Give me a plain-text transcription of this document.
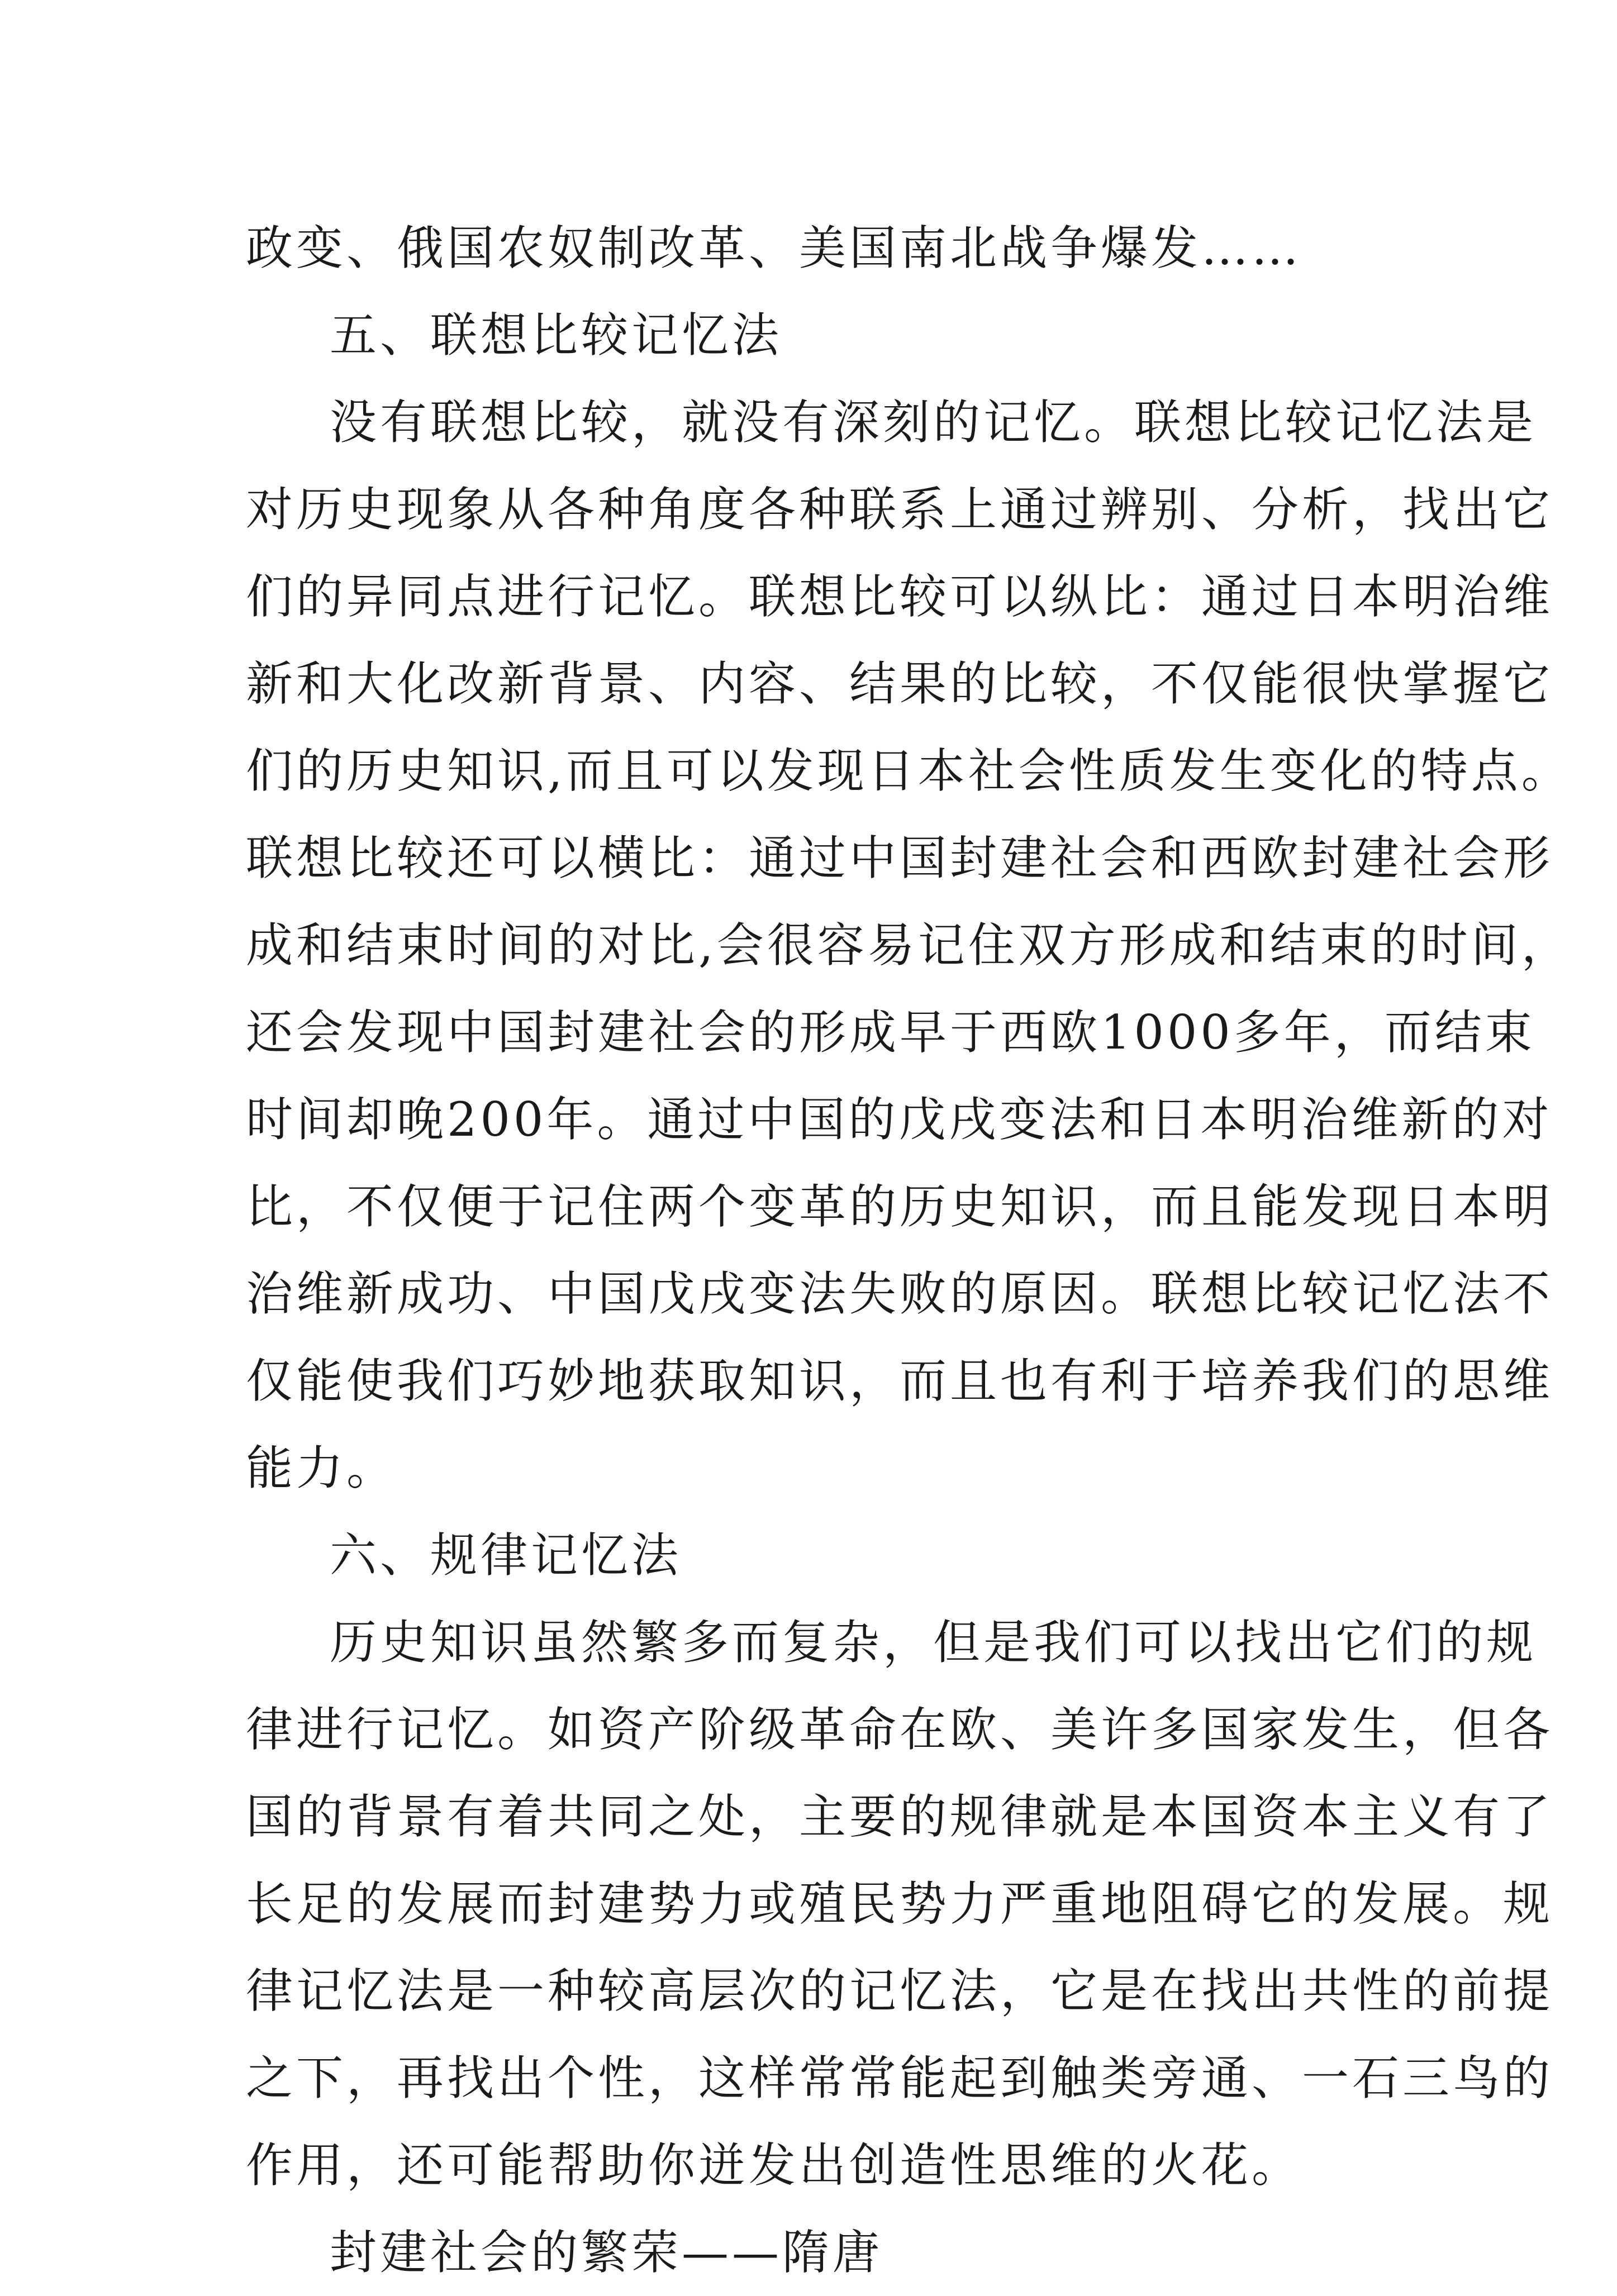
政变、俄国农奴制改革、美国南北战争爆发……
五、联想比较记忆法
没有联想比较，就没有深刻的记忆。联想比较记忆法是
对历史现象从各种角度各种联系上通过辨别、分析，找出它
们的异同点进行记忆。联想比较可以纵比：通过日本明治维
新和大化改新背景、内容、结果的比较，不仅能很快掌握它
们的历史知识,而且可以发现日本社会性质发生变化的特点。
联想比较还可以横比：通过中国封建社会和西欧封建社会形
成和结束时间的对比,会很容易记住双方形成和结束的时间，
还会发现中国封建社会的形成早于西欧1000多年，而结束
时间却晚200年。通过中国的戊戌变法和日本明治维新的对
比，不仅便于记住两个变革的历史知识，而且能发现日本明
治维新成功、中国戊戌变法失败的原因。联想比较记忆法不
仅能使我们巧妙地获取知识，而且也有利于培养我们的思维
能力。
六、规律记忆法
历史知识虽然繁多而复杂，但是我们可以找出它们的规
律进行记忆。如资产阶级革命在欧、美许多国家发生，但各
国的背景有着共同之处，主要的规律就是本国资本主义有了
长足的发展而封建势力或殖民势力严重地阻碍它的发展。规
律记忆法是一种较高层次的记忆法，它是在找出共性的前提
之下，再找出个性，这样常常能起到触类旁通、一石三鸟的
作用，还可能帮助你迸发出创造性思维的火花。
封建社会的繁荣——隋唐
